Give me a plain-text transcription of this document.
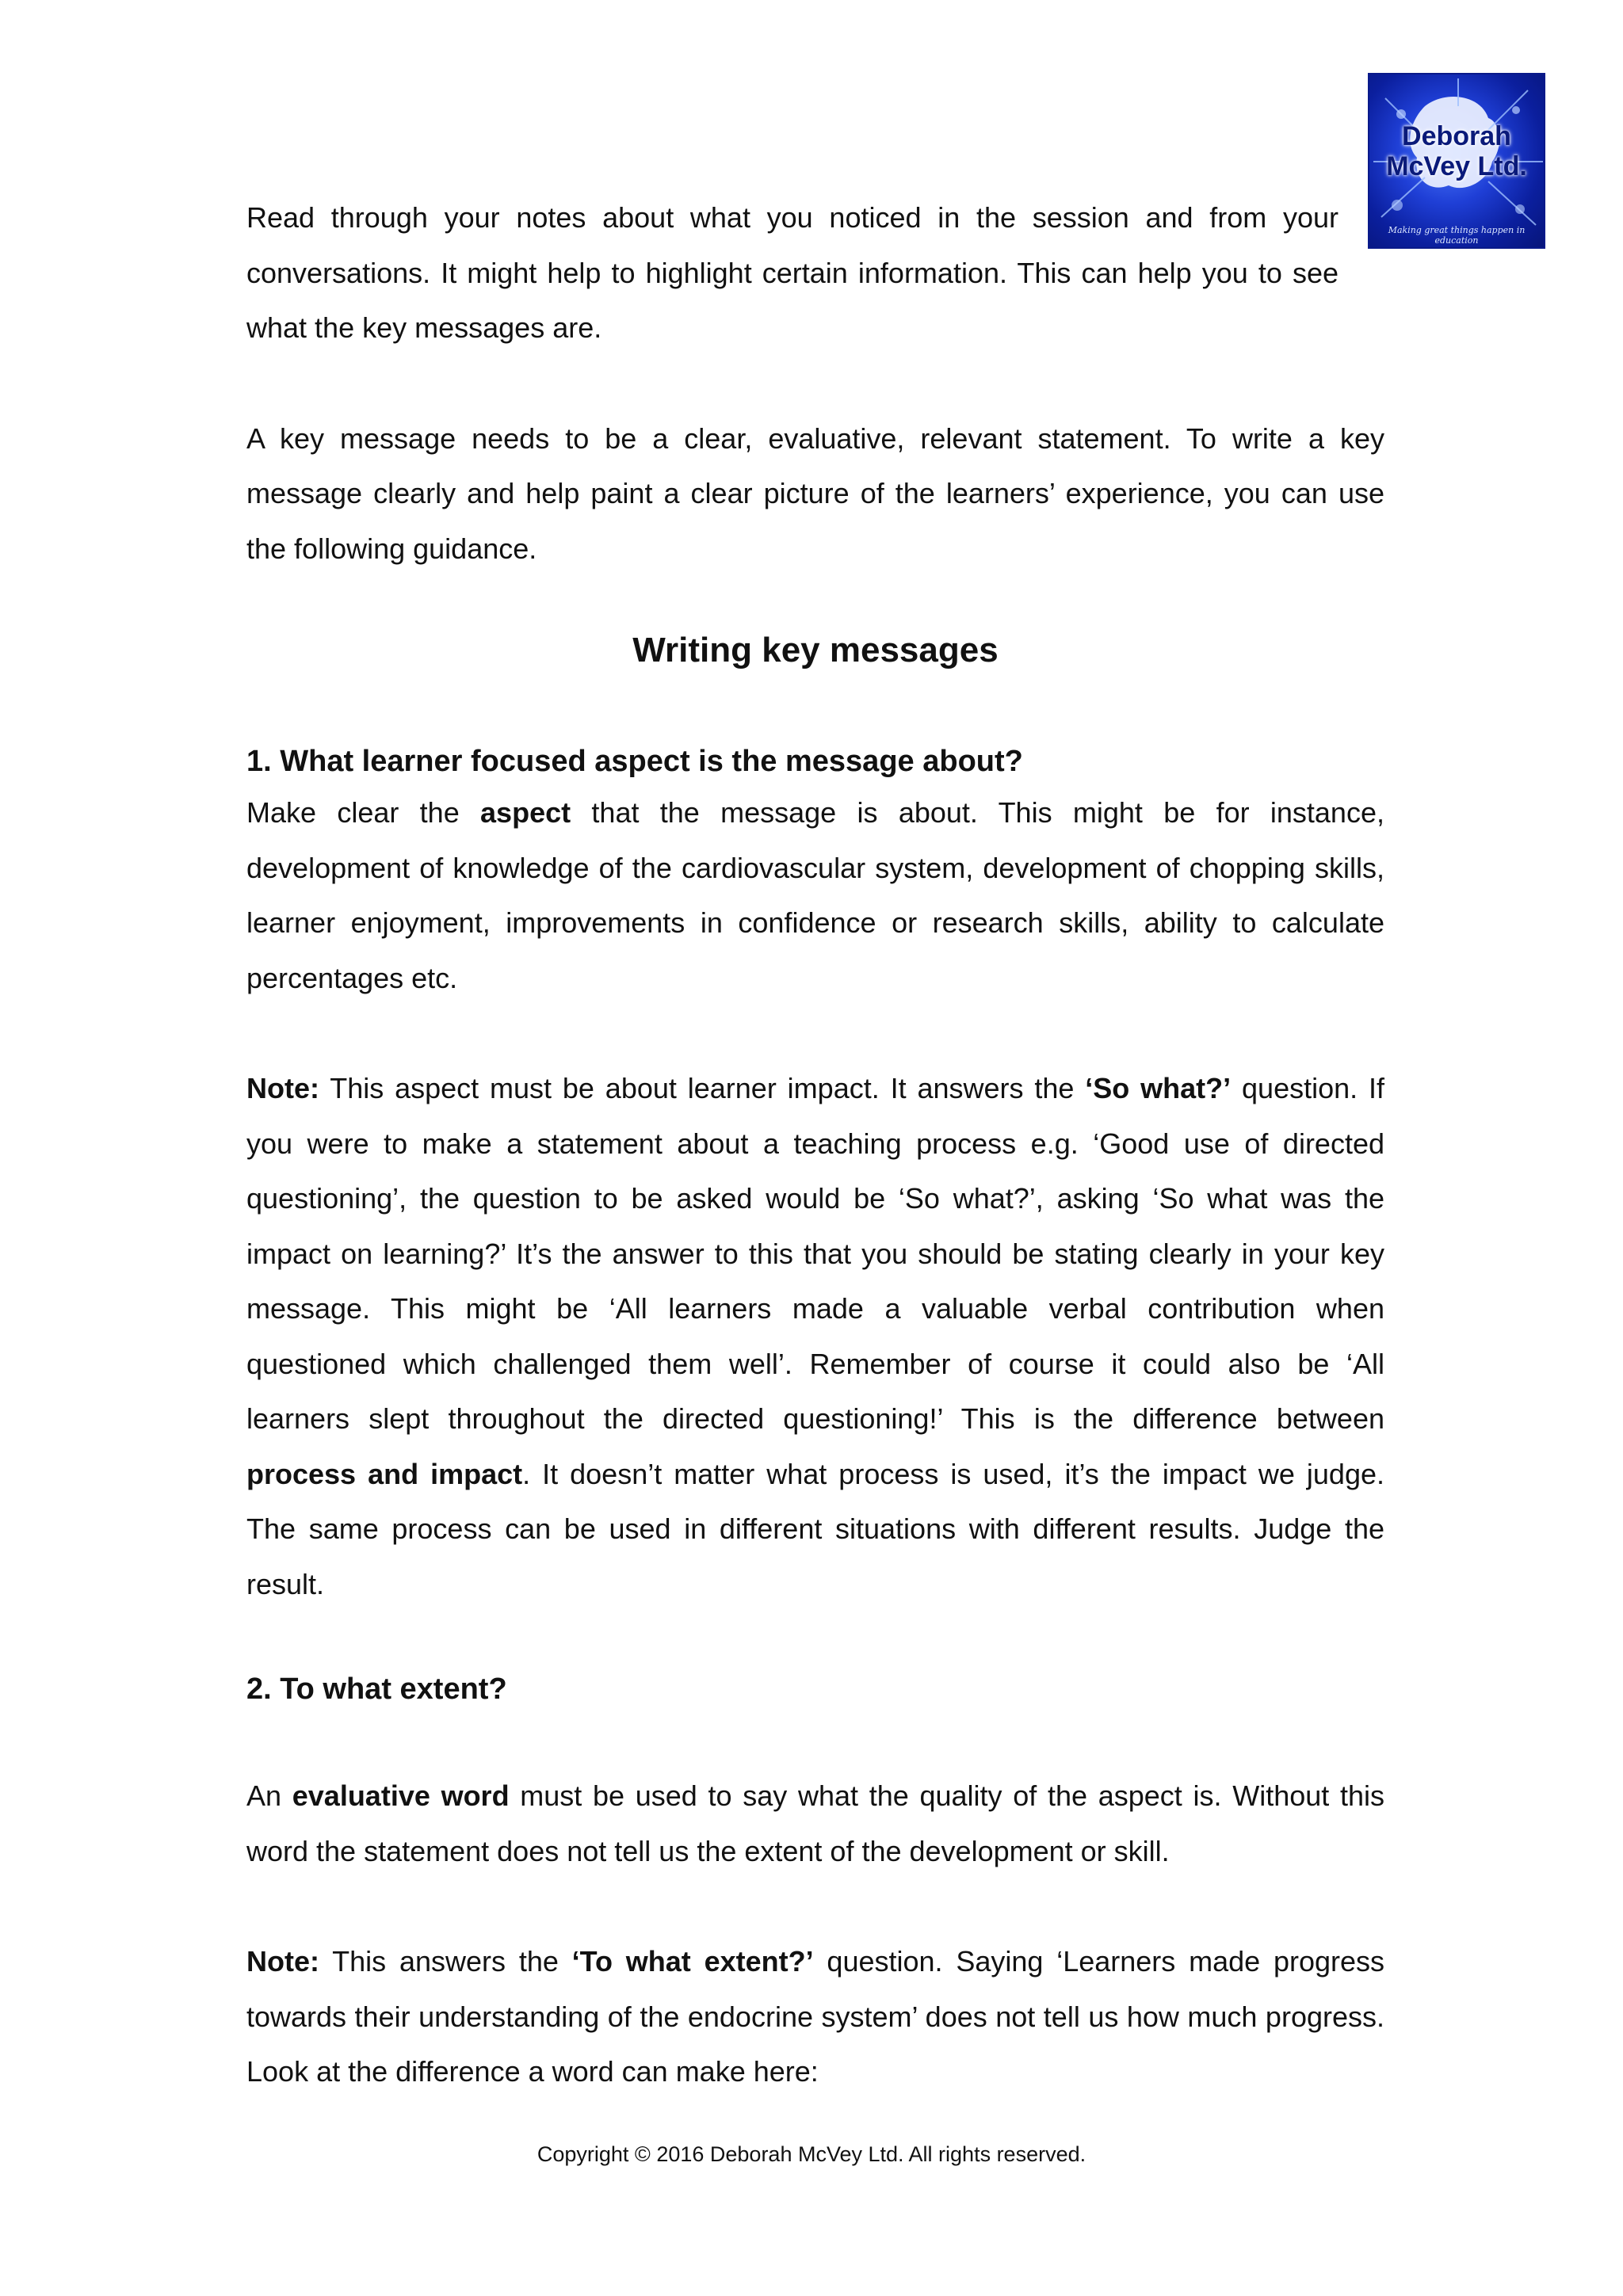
Deborah
McVey Ltd.
Making great things happen in education

Read through your notes about what you noticed in the session and from your conversations. It might help to highlight certain information. This can help you to see what the key messages are.

A key message needs to be a clear, evaluative, relevant statement. To write a key message clearly and help paint a clear picture of the learners’ experience, you can use the following guidance.

Writing key messages
1. What learner focused aspect is the message about?

Make clear the aspect that the message is about. This might be for instance, development of knowledge of the cardiovascular system, development of chopping skills, learner enjoyment, improvements in confidence or research skills, ability to calculate percentages etc.

Note: This aspect must be about learner impact. It answers the ‘So what?’ question. If you were to make a statement about a teaching process e.g. ‘Good use of directed questioning’, the question to be asked would be ‘So what?’, asking ‘So what was the impact on learning?’ It’s the answer to this that you should be stating clearly in your key message. This might be ‘All learners made a valuable verbal contribution when questioned which challenged them well’. Remember of course it could also be ‘All learners slept throughout the directed questioning!’ This is the difference between process and impact. It doesn’t matter what process is used, it’s the impact we judge. The same process can be used in different situations with different results. Judge the result.

2. To what extent?

An evaluative word must be used to say what the quality of the aspect is. Without this word the statement does not tell us the extent of the development or skill.

Note: This answers the ‘To what extent?’ question. Saying ‘Learners made progress towards their understanding of the endocrine system’ does not tell us how much progress. Look at the difference a word can make here:

Copyright © 2016 Deborah McVey Ltd. All rights reserved.
